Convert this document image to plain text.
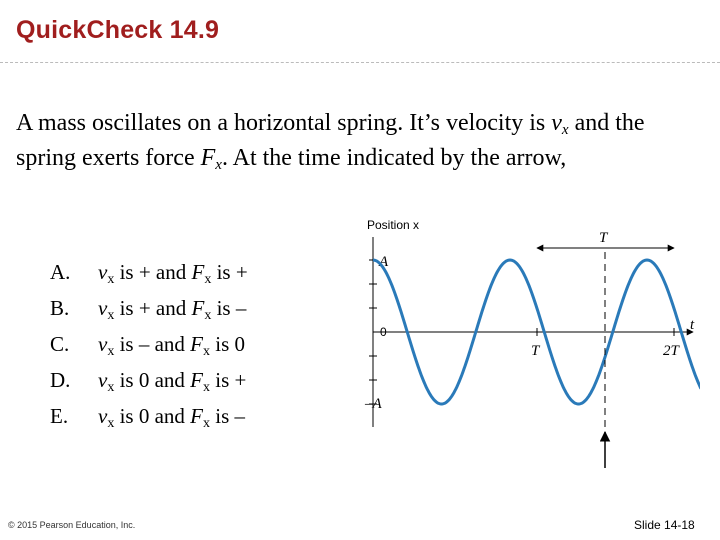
QuickCheck 14.9
A mass oscillates on a horizontal spring. It’s velocity is vx and the spring exerts force Fx. At the time indicated by the arrow,
A. vx is + and Fx is +
B. vx is + and Fx is –
C. vx is – and Fx is 0
D. vx is 0 and Fx is +
E. vx is 0 and Fx is –
Position x
A
0
–A
t
T	2T
T
© 2015 Pearson Education, Inc.	Slide 14-18
